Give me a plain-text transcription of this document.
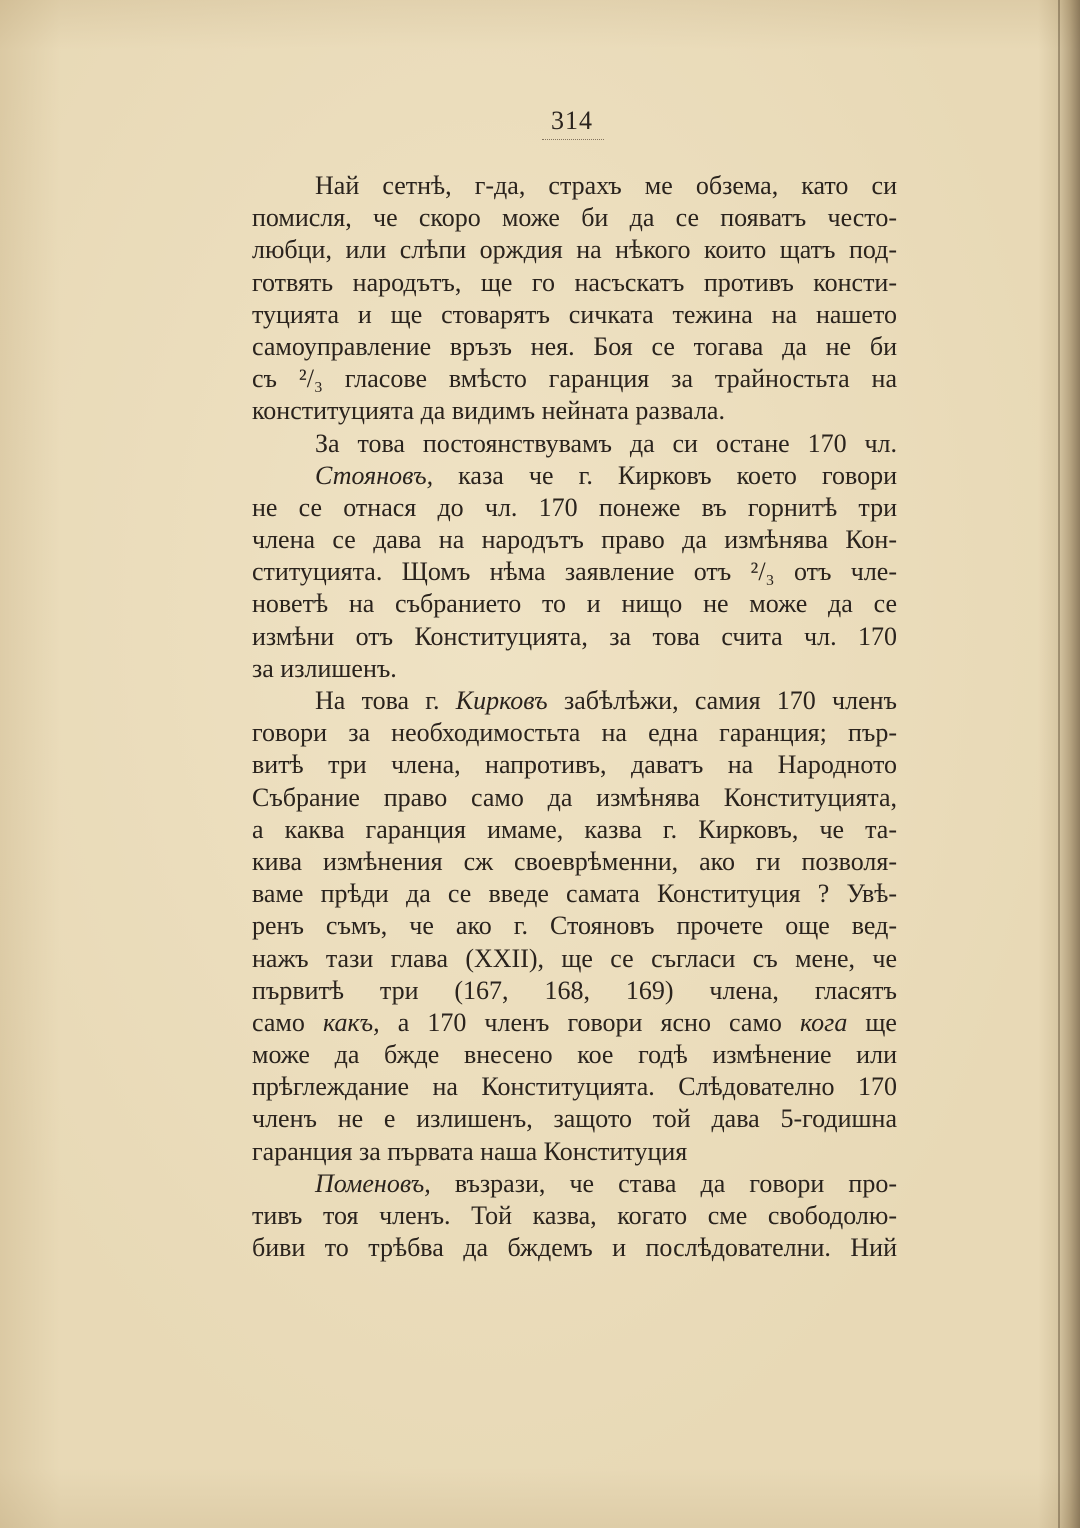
314
Най сетнѣ, г-да, страхъ ме обзема, като си
помисля, че скоро може би да се появатъ често-
любци, или слѣпи орждия на нѣкого които щатъ под-
готвять народътъ, ще го насъскатъ противъ консти-
туцията и ще стоварятъ сичката тежина на нашето
самоуправление връзъ нея. Боя се тогава да не би
съ ²/₃ гласове вмѣсто гаранция за трайностьта на
конституцията да видимъ нейната развала.
За това постоянствувамъ да си остане 170 чл.
Стояновъ, каза че г. Кирковъ което говори
не се отнася до чл. 170 понеже въ горнитѣ три
члена се дава на народътъ право да измѣнява Кон-
ституцията. Щомъ нѣма заявление отъ ²/₃ отъ чле-
новетѣ на събранието то и нищо не може да се
измѣни отъ Конституцията, за това счита чл. 170
за излишенъ.
На това г. Кирковъ забѣлѣжи, самия 170 членъ
говори за необходимостьта на една гаранция; пър-
витѣ три члена, напротивъ, даватъ на Народното
Събрание право само да измѣнява Конституцията,
а каква гаранция имаме, казва г. Кирковъ, че та-
кива измѣнения сж своеврѣменни, ако ги позволя-
ваме прѣди да се введе самата Конституция ? Увѣ-
ренъ съмъ, че ако г. Стояновъ прочете още вед-
нажъ тази глава (XXII), ще се съгласи съ мене, че
първитѣ три (167, 168, 169) члена, гласятъ
само какъ, а 170 членъ говори ясно само кога ще
може да бжде внесено кое годѣ измѣнение или
прѣглеждание на Конституцията. Слѣдователно 170
членъ не е излишенъ, защото той дава 5-годишна
гаранция за първата наша Конституция
Поменовъ, възрази, че става да говори про-
тивъ тоя членъ. Той казва, когато сме свободолю-
биви то трѣбва да бждемъ и послѣдователни. Ний
